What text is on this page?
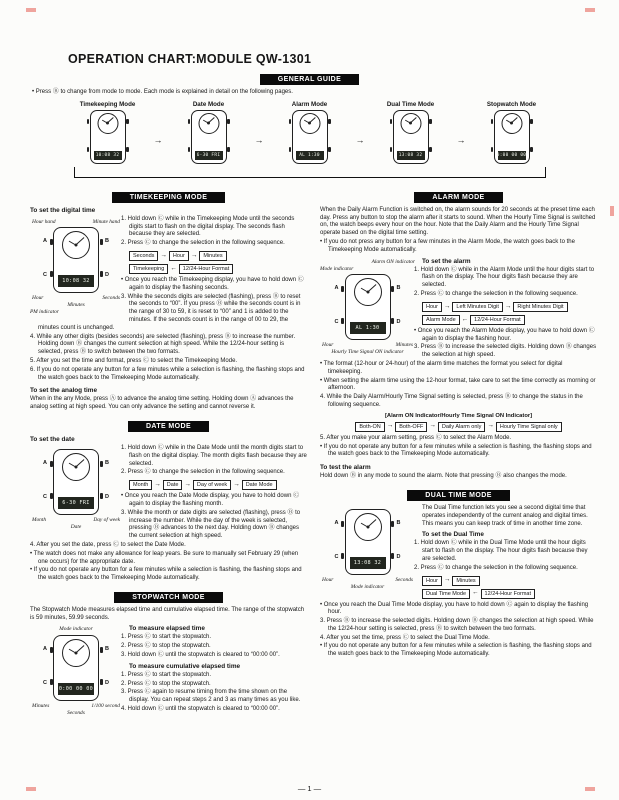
OPERATION CHART:MODULE QW-1301
GENERAL GUIDE
• Press Ⓑ to change from mode to mode. Each mode is explained in detail on the following pages.
Timekeeping Mode
10:08 32
→
Date Mode
6-30 FRI
→
Alarm Mode
AL 1:30
→
Dual Time Mode
13:08 32
→
Stopwatch Mode
0:00 00 00
TIMEKEEPING MODE
To set the digital time
Hour hand	Minute hand
10:08 32
A
C
B
D
Hour	Seconds
Minutes
PM indicator
1. Hold down Ⓒ while in the Timekeeping Mode until the seconds digits start to flash on the digital display. The seconds flash because they are selected.
2. Press Ⓒ to change the selection in the following sequence.
Seconds →	Hour →	Minutes
Timekeeping ←	12/24-Hour Format
• Once you reach the Timekeeping display, you have to hold down Ⓒ again to display the flashing seconds.
3. While the seconds digits are selected (flashing), press Ⓑ to reset the seconds to “00”. If you press Ⓑ while the seconds count is in the range of 30 to 59, it is reset to “00” and 1 is added to the minutes. If the seconds count is in the range of 00 to 29, the minutes count is unchanged.
4. While any other digits (besides seconds) are selected (flashing), press Ⓑ to increase the number. Holding down Ⓑ changes the current selection at high speed. While the 12/24-hour setting is selected, press Ⓑ to switch between the two formats.
5. After you set the time and format, press Ⓒ to select the Timekeeping Mode.
6. If you do not operate any button for a few minutes while a selection is flashing, the flashing stops and the watch goes back to the Timekeeping Mode automatically.
To set the analog time
When in the any Mode, press Ⓐ to advance the analog time setting. Holding down Ⓐ advances the analog setting at high speed. You can only advance the setting and cannot reverse it.
DATE MODE
To set the date
6-30 FRI
A
C
B
D
Month	Day of week
Date
1. Hold down Ⓒ while in the Date Mode until the month digits start to flash on the digital display. The month digits flash because they are selected.
2. Press Ⓒ to change the selection in the following sequence.
Month →	Date →	Day of week →	Date Mode
• Once you reach the Date Mode display, you have to hold down Ⓒ again to display the flashing month.
3. While the month or date digits are selected (flashing), press Ⓑ to increase the number. While the day of the week is selected, pressing Ⓑ advances to the next day. Holding down Ⓑ changes the current selection at high speed.
4. After you set the date, press Ⓒ to select the Date Mode.
• The watch does not make any allowance for leap years. Be sure to manually set February 29 (when one occurs) for the appropriate date.
• If you do not operate any button for a few minutes while a selection is flashing, the flashing stops and the watch goes back to the Timekeeping Mode automatically.
STOPWATCH MODE
The Stopwatch Mode measures elapsed time and cumulative elapsed time. The range of the stopwatch is 59 minutes, 59.99 seconds.
Mode indicator
0:00 00 00
A
C
B
D
Minutes	1/100 second
Seconds
To measure elapsed time
1. Press Ⓒ to start the stopwatch.
2. Press Ⓒ to stop the stopwatch.
3. Hold down Ⓒ until the stopwatch is cleared to “00:00 00”.
To measure cumulative elapsed time
1. Press Ⓒ to start the stopwatch.
2. Press Ⓒ to stop the stopwatch.
3. Press Ⓒ again to resume timing from the time shown on the display. You can repeat steps 2 and 3 as many times as you like.
4. Hold down Ⓒ until the stopwatch is cleared to “00:00 00”.
ALARM MODE
When the Daily Alarm Function is switched on, the alarm sounds for 20 seconds at the preset time each day. Press any button to stop the alarm after it starts to sound. When the Hourly Time Signal is switched on, the watch beeps every hour on the hour. Note that the Daily Alarm and the Hourly Time Signal operate based on the digital time setting.
• If you do not press any button for a few minutes in the Alarm Mode, the watch goes back to the Timekeeping Mode automatically.
Alarm ON indicator
Mode indicator
AL 1:30
A
C
B
D
Hour	Minutes
Hourly Time Signal ON indicator
To set the alarm
1. Hold down Ⓒ while in the Alarm Mode until the hour digits start to flash on the display. The hour digits flash because they are selected.
2. Press Ⓒ to change the selection in the following sequence.
Hour →	Left Minutes Digit →	Right Minutes Digit
Alarm Mode ←	12/24-Hour Format
• Once you reach the Alarm Mode display, you have to hold down Ⓒ again to display the flashing hour.
3. Press Ⓑ to increase the selected digits. Holding down Ⓑ changes the selection at high speed.
• The format (12-hour or 24-hour) of the alarm time matches the format you select for digital timekeeping.
• When setting the alarm time using the 12-hour format, take care to set the time correctly as morning or afternoon.
4. While the Daily Alarm/Hourly Time Signal setting is selected, press Ⓑ to change the status in the following sequence.
[Alarm ON Indicator/Hourly Time Signal ON Indicator]
Both-ON →	Both-OFF →	Daily Alarm only →	Hourly Time Signal only
5. After you make your alarm setting, press Ⓒ to select the Alarm Mode.
• If you do not operate any button for a few minutes while a selection is flashing, the flashing stops and the watch goes back to the Timekeeping Mode automatically.
To test the alarm
Hold down Ⓑ in any mode to sound the alarm. Note that pressing Ⓑ also changes the mode.
DUAL TIME MODE
13:08 32
A
C
B
D
Hour	Seconds
Mode indicator
The Dual Time function lets you see a second digital time that operates independently of the current analog and digital times. This means you can keep track of time in another time zone.
To set the Dual Time
1. Hold down Ⓒ while in the Dual Time Mode until the hour digits start to flash on the display. The hour digits flash because they are selected.
2. Press Ⓒ to change the selection in the following sequence.
Hour →	Minutes
Dual Time Mode ←	12/24-Hour Format
• Once you reach the Dual Time Mode display, you have to hold down Ⓒ again to display the flashing hour.
3. Press Ⓑ to increase the selected digits. Holding down Ⓑ changes the selection at high speed. While the 12/24-hour setting is selected, press Ⓑ to switch between the two formats.
4. After you set the time, press Ⓒ to select the Dual Time Mode.
• If you do not operate any button for a few minutes while a selection is flashing, the flashing stops and the watch goes back to the Timekeeping Mode automatically.
— 1 —
